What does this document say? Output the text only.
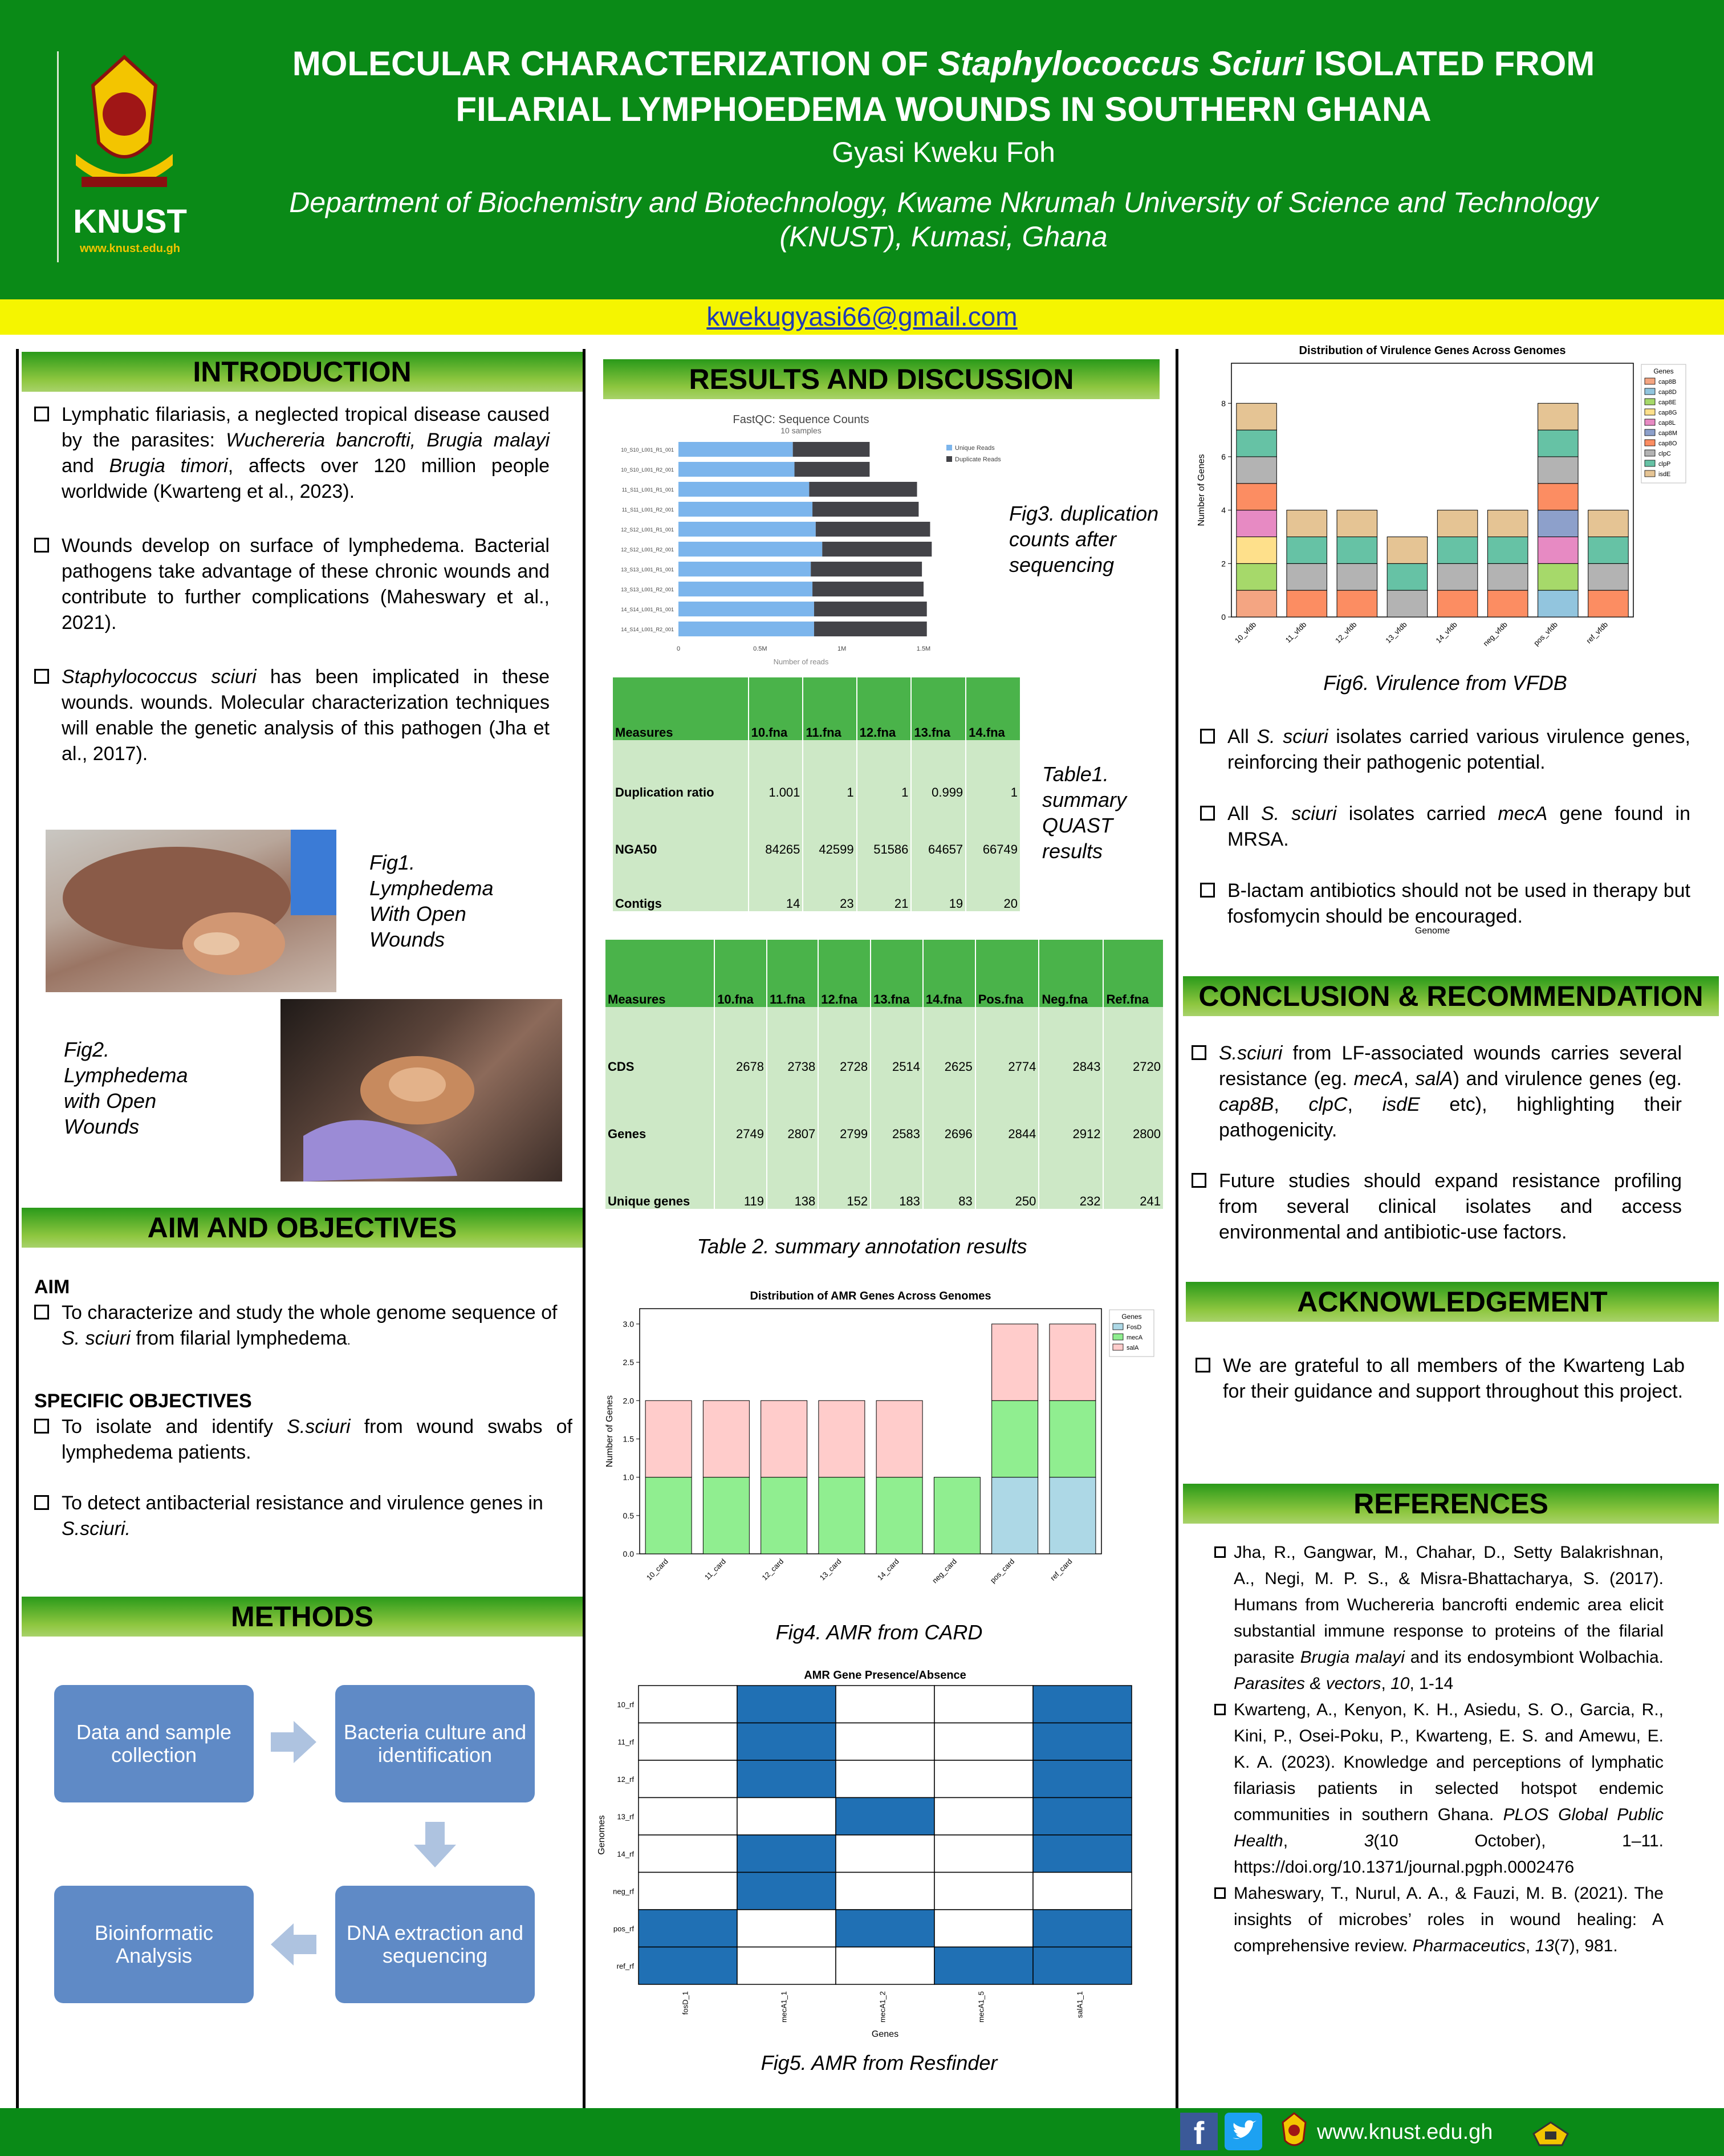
KNUST
www.knust.edu.gh
MOLECULAR CHARACTERIZATION OF Staphylococcus Sciuri ISOLATED FROM
FILARIAL LYMPHOEDEMA WOUNDS IN SOUTHERN GHANA
Gyasi Kweku Foh
Department of Biochemistry and Biotechnology, Kwame Nkrumah University of Science and Technology
(KNUST), Kumasi, Ghana
kwekugyasi66@gmail.com
INTRODUCTION
Lymphatic filariasis, a neglected tropical disease caused by the parasites: Wuchereria bancrofti, Brugia malayi and Brugia timori, affects over 120 million people worldwide (Kwarteng et al., 2023).
Wounds develop on surface of lymphedema. Bacterial pathogens take advantage of these chronic wounds and contribute to further complications (Maheswary et al., 2021).
Staphylococcus sciuri has been implicated in these wounds. wounds. Molecular characterization techniques will enable the genetic analysis of this pathogen (Jha et al., 2017).
Fig1.
Lymphedema
With Open
Wounds
Fig2.
Lymphedema
with Open
Wounds
AIM AND OBJECTIVES
AIM
To characterize and study the whole genome sequence of S. sciuri from filarial lymphedema.
SPECIFIC OBJECTIVES
To isolate and identify S.sciuri from wound swabs of lymphedema patients.
To detect antibacterial resistance and virulence genes in S.sciuri.
METHODS
Data and sample collection
Bacteria culture and identification
DNA extraction and sequencing
Bioinformatic Analysis
RESULTS AND DISCUSSION
FastQC: Sequence Counts
10 samples
10_S10_L001_R1_001
10_S10_L001_R2_001
11_S11_L001_R1_001
11_S11_L001_R2_001
12_S12_L001_R1_001
12_S12_L001_R2_001
13_S13_L001_R1_001
13_S13_L001_R2_001
14_S14_L001_R1_001
14_S14_L001_R2_001
0	0.5M	1M	1.5M
Number of reads
Unique Reads
Duplicate Reads
Fig3. duplication
counts after
sequencing
Measures	10.fna	11.fna	12.fna	13.fna	14.fna
Duplication ratio	1.001	1	1	0.999	1
NGA50	84265	42599	51586	64657	66749
Contigs	14	23	21	19	20
Table1.
summary
QUAST
results
Measures	10.fna	11.fna	12.fna	13.fna	14.fna	Pos.fna	Neg.fna	Ref.fna
CDS	2678	2738	2728	2514	2625	2774	2843	2720
Genes	2749	2807	2799	2583	2696	2844	2912	2800
Unique genes	119	138	152	183	83	250	232	241
Table 2. summary annotation results
Distribution of AMR Genes Across Genomes
0.0
0.5
1.0
1.5
2.0
2.5
3.0
10_card	11_card	12_card	13_card	14_card	neg_card	pos_card	ref_card
Number of Genes
Genes
FosD
mecA
salA
Fig4. AMR from CARD
AMR Gene Presence/Absence
10_rf
11_rf
12_rf
13_rf
14_rf
neg_rf
pos_rf
ref_rf
fosD_1	mecA1_1	mecA1_2	mecA1_5	salA1_1
Genes
Genomes
Fig5. AMR from Resfinder
Distribution of Virulence Genes Across Genomes
0
2
4
6
8
10_vfdb	11_vfdb	12_vfdb	13_vfdb	14_vfdb	neg_vfdb	pos_vfdb	ref_vfdb
Genome
Number of Genes
Genes
cap8B
cap8D
cap8E
cap8G
cap8L
cap8M
cap8O
clpC
clpP
isdE
Fig6. Virulence from VFDB
All S. sciuri isolates carried various virulence genes, reinforcing their pathogenic potential.
All S. sciuri isolates carried mecA gene found in MRSA.
B-lactam antibiotics should not be used in therapy but fosfomycin should be encouraged.
CONCLUSION & RECOMMENDATION
S.sciuri from LF-associated wounds carries several resistance (eg. mecA, salA) and virulence genes (eg. cap8B, clpC, isdE etc), highlighting their pathogenicity.
Future studies should expand resistance profiling from several clinical isolates and access environmental and antibiotic-use factors.
ACKNOWLEDGEMENT
We are grateful to all members of the Kwarteng Lab for their guidance and support throughout this project.
REFERENCES
Jha, R., Gangwar, M., Chahar, D., Setty Balakrishnan, A., Negi, M. P. S., & Misra-Bhattacharya, S. (2017). Humans from Wuchereria bancrofti endemic area elicit substantial immune response to proteins of the filarial parasite Brugia malayi and its endosymbiont Wolbachia. Parasites & vectors, 10, 1-14
Kwarteng, A., Kenyon, K. H., Asiedu, S. O., Garcia, R., Kini, P., Osei-Poku, P., Kwarteng, E. S. and Amewu, E. K. A. (2023). Knowledge and perceptions of lymphatic filariasis patients in selected hotspot endemic communities in southern Ghana. PLOS Global Public Health, 3(10 October), 1–11. https://doi.org/10.1371/journal.pgph.0002476
Maheswary, T., Nurul, A. A., & Fauzi, M. B. (2021). The insights of microbes’ roles in wound healing: A comprehensive review. Pharmaceutics, 13(7), 981.
f	www.knust.edu.gh
